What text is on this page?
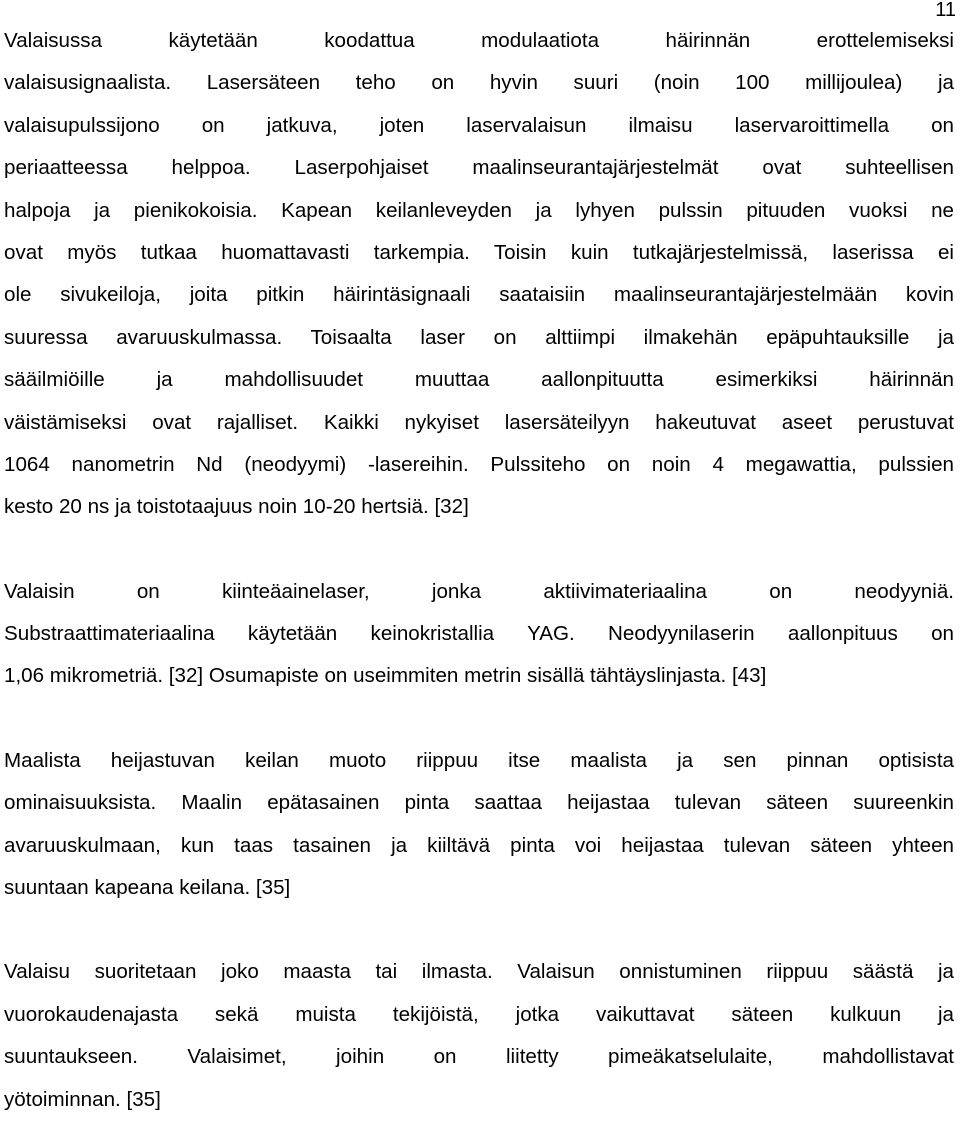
11
Valaisussa käytetään koodattua modulaatiota häirinnän erottelemiseksi
valaisusignaalista. Lasersäteen teho on hyvin suuri (noin 100 millijoulea) ja
valaisupulssijono on jatkuva, joten laservalaisun ilmaisu laservaroittimella on
periaatteessa helppoa. Laserpohjaiset maalinseurantajärjestelmät ovat suhteellisen
halpoja ja pienikokoisia. Kapean keilanleveyden ja lyhyen pulssin pituuden vuoksi ne
ovat myös tutkaa huomattavasti tarkempia. Toisin kuin tutkajärjestelmissä, laserissa ei
ole sivukeiloja, joita pitkin häirintäsignaali saataisiin maalinseurantajärjestelmään kovin
suuressa avaruuskulmassa. Toisaalta laser on alttiimpi ilmakehän epäpuhtauksille ja
sääilmiöille ja mahdollisuudet muuttaa aallonpituutta esimerkiksi häirinnän
väistämiseksi ovat rajalliset. Kaikki nykyiset lasersäteilyyn hakeutuvat aseet perustuvat
1064 nanometrin Nd (neodyymi) -lasereihin. Pulssiteho on noin 4 megawattia, pulssien
kesto 20 ns ja toistotaajuus noin 10-20 hertsiä. [32]
Valaisin on kiinteäainelaser, jonka aktiivimateriaalina on neodyyniä.
Substraattimateriaalina käytetään keinokristallia YAG. Neodyynilaserin aallonpituus on
1,06 mikrometriä. [32] Osumapiste on useimmiten metrin sisällä tähtäyslinjasta. [43]
Maalista heijastuvan keilan muoto riippuu itse maalista ja sen pinnan optisista
ominaisuuksista. Maalin epätasainen pinta saattaa heijastaa tulevan säteen suureenkin
avaruuskulmaan, kun taas tasainen ja kiiltävä pinta voi heijastaa tulevan säteen yhteen
suuntaan kapeana keilana. [35]
Valaisu suoritetaan joko maasta tai ilmasta. Valaisun onnistuminen riippuu säästä ja
vuorokaudenajasta sekä muista tekijöistä, jotka vaikuttavat säteen kulkuun ja
suuntaukseen. Valaisimet, joihin on liitetty pimeäkatselulaite, mahdollistavat
yötoiminnan. [35]
